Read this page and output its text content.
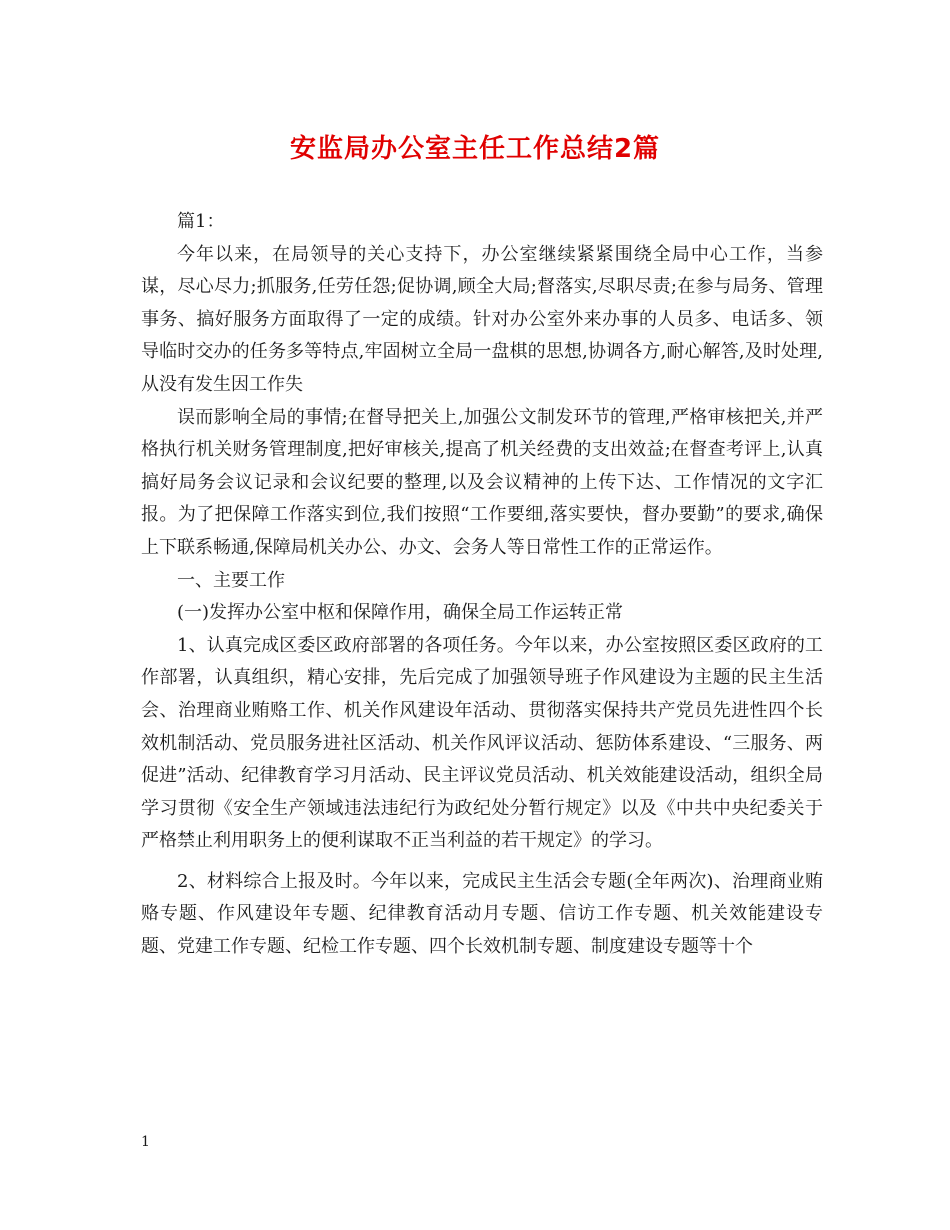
安监局办公室主任工作总结2篇

篇1：

今年以来，在局领导的关心支持下，办公室继续紧紧围绕全局中心工作，当参谋，尽心尽力;抓服务,任劳任怨;促协调,顾全大局;督落实,尽职尽责;在参与局务、管理事务、搞好服务方面取得了一定的成绩。针对办公室外来办事的人员多、电话多、领导临时交办的任务多等特点,牢固树立全局一盘棋的思想,协调各方,耐心解答,及时处理,从没有发生因工作失

误而影响全局的事情;在督导把关上,加强公文制发环节的管理,严格审核把关,并严格执行机关财务管理制度,把好审核关,提高了机关经费的支出效益;在督查考评上,认真搞好局务会议记录和会议纪要的整理,以及会议精神的上传下达、工作情况的文字汇报。为了把保障工作落实到位,我们按照“工作要细,落实要快，督办要勤”的要求,确保上下联系畅通,保障局机关办公、办文、会务人等日常性工作的正常运作。

一、主要工作

(一)发挥办公室中枢和保障作用，确保全局工作运转正常

1、认真完成区委区政府部署的各项任务。今年以来，办公室按照区委区政府的工作部署，认真组织，精心安排，先后完成了加强领导班子作风建设为主题的民主生活会、治理商业贿赂工作、机关作风建设年活动、贯彻落实保持共产党员先进性四个长效机制活动、党员服务进社区活动、机关作风评议活动、惩防体系建设、“三服务、两促进”活动、纪律教育学习月活动、民主评议党员活动、机关效能建设活动，组织全局学习贯彻《安全生产领域违法违纪行为政纪处分暂行规定》以及《中共中央纪委关于严格禁止利用职务上的便利谋取不正当利益的若干规定》的学习。

2、材料综合上报及时。今年以来，完成民主生活会专题(全年两次)、治理商业贿赂专题、作风建设年专题、纪律教育活动月专题、信访工作专题、机关效能建设专题、党建工作专题、纪检工作专题、四个长效机制专题、制度建设专题等十个

1
